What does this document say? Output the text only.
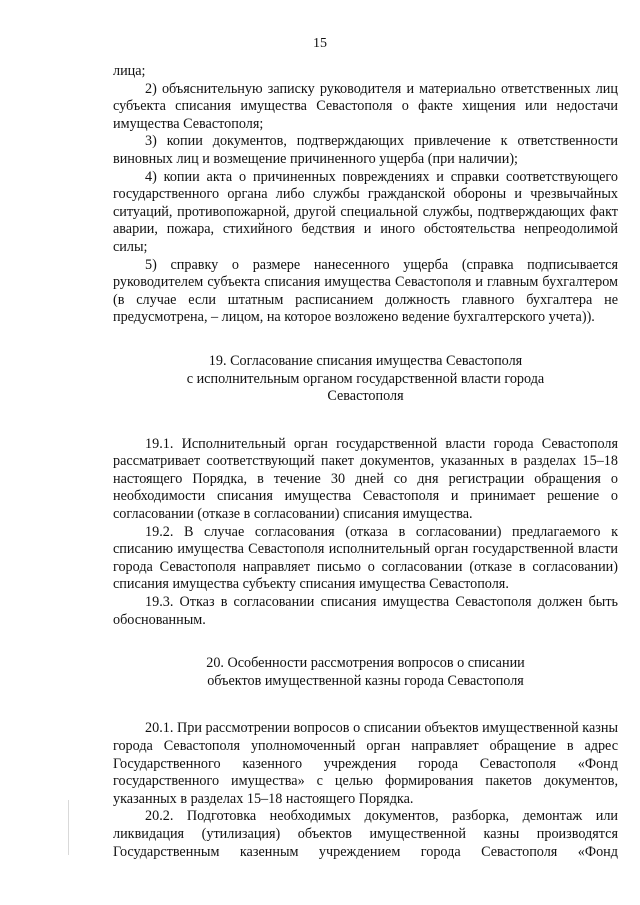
15

лица;

2) объяснительную записку руководителя и материально ответственных лиц субъекта списания имущества Севастополя о факте хищения или недостачи имущества Севастополя;

3) копии документов, подтверждающих привлечение к ответственности виновных лиц и возмещение причиненного ущерба (при наличии);

4) копии акта о причиненных повреждениях и справки соответствующего государственного органа либо службы гражданской обороны и чрезвычайных ситуаций, противопожарной, другой специальной службы, подтверждающих факт аварии, пожара, стихийного бедствия и иного обстоятельства непреодолимой силы;

5) справку о размере нанесенного ущерба (справка подписывается руководителем субъекта списания имущества Севастополя и главным бухгалтером (в случае если штатным расписанием должность главного бухгалтера не предусмотрена, – лицом, на которое возложено ведение бухгалтерского учета)).

19. Согласование списания имущества Севастополя

с исполнительным органом государственной власти города

Севастополя

19.1. Исполнительный орган государственной власти города Севастополя рассматривает соответствующий пакет документов, указанных в разделах 15–18 настоящего Порядка, в течение 30 дней со дня регистрации обращения о необходимости списания имущества Севастополя и принимает решение о согласовании (отказе в согласовании) списания имущества.

19.2. В случае согласования (отказа в согласовании) предлагаемого к списанию имущества Севастополя исполнительный орган государственной власти города Севастополя направляет письмо о согласовании (отказе в согласовании) списания имущества субъекту списания имущества Севастополя.

19.3. Отказ в согласовании списания имущества Севастополя должен быть обоснованным.

20. Особенности рассмотрения вопросов о списании

объектов имущественной казны города Севастополя

20.1. При рассмотрении вопросов о списании объектов имущественной казны города Севастополя уполномоченный орган направляет обращение в адрес Государственного казенного учреждения города Севастополя «Фонд государственного имущества» с целью формирования пакетов документов, указанных в разделах 15–18 настоящего Порядка.

20.2. Подготовка необходимых документов, разборка, демонтаж или ликвидация (утилизация) объектов имущественной казны производятся Государственным казенным учреждением города Севастополя «Фонд
